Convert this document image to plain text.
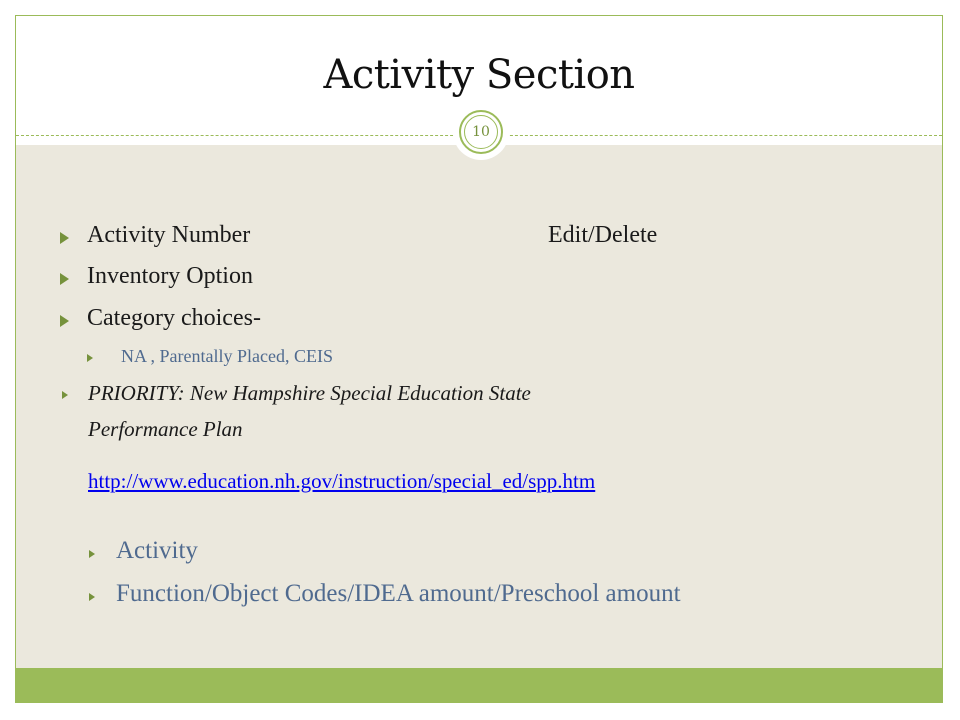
Activity Section
10
Activity Number	Edit/Delete
Inventory Option
Category choices-
NA , Parentally Placed, CEIS
PRIORITY: New Hampshire Special Education State
Performance Plan
http://www.education.nh.gov/instruction/special_ed/spp.htm
Activity
Function/Object Codes/IDEA amount/Preschool amount
